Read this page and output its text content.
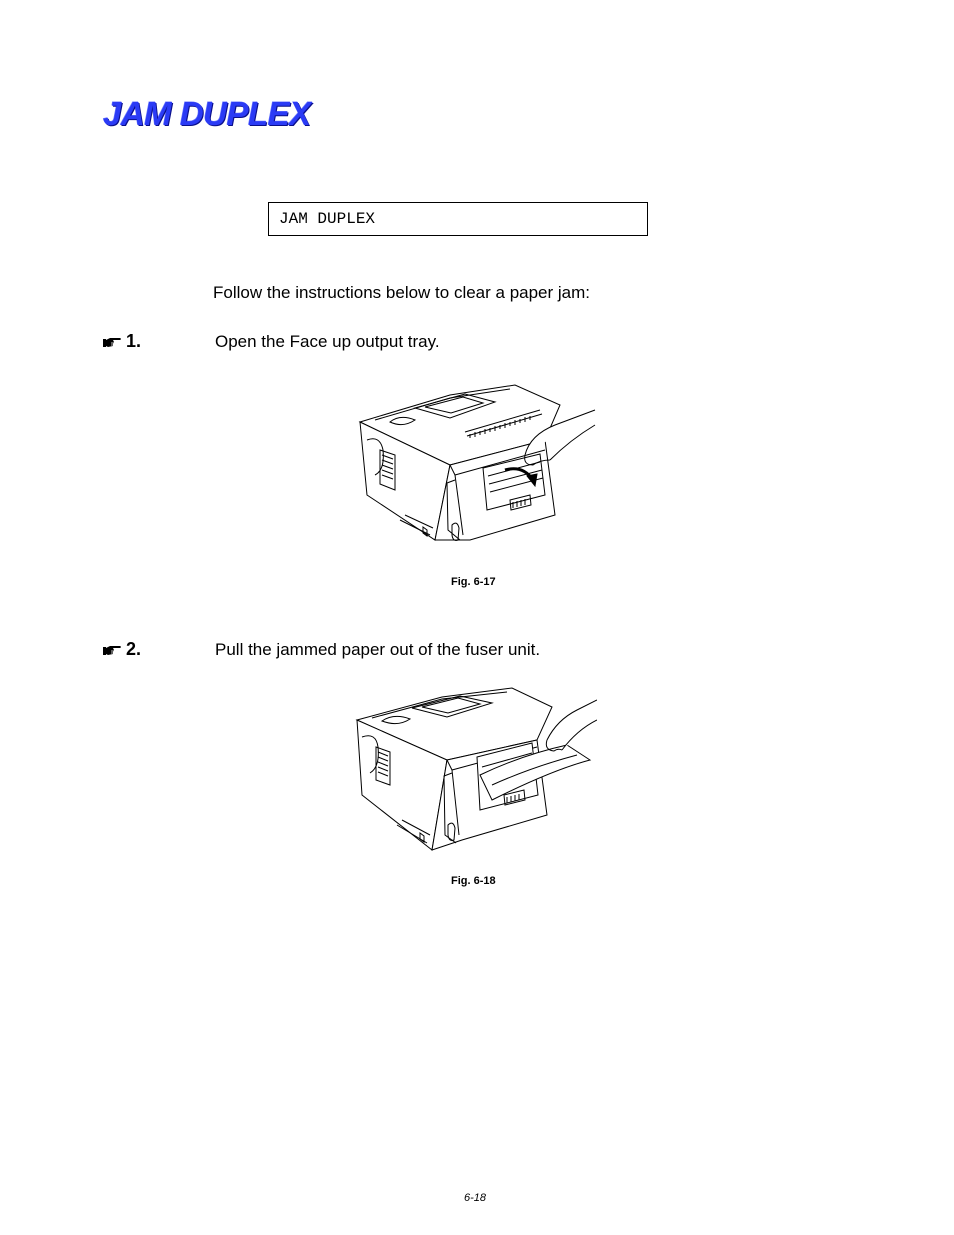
JAM DUPLEX
JAM DUPLEX
Follow the instructions below to clear a paper jam:
1.	Open the Face up output tray.
Fig. 6-17
2.	Pull the jammed paper out of the fuser unit.
Fig. 6-18
6-18
